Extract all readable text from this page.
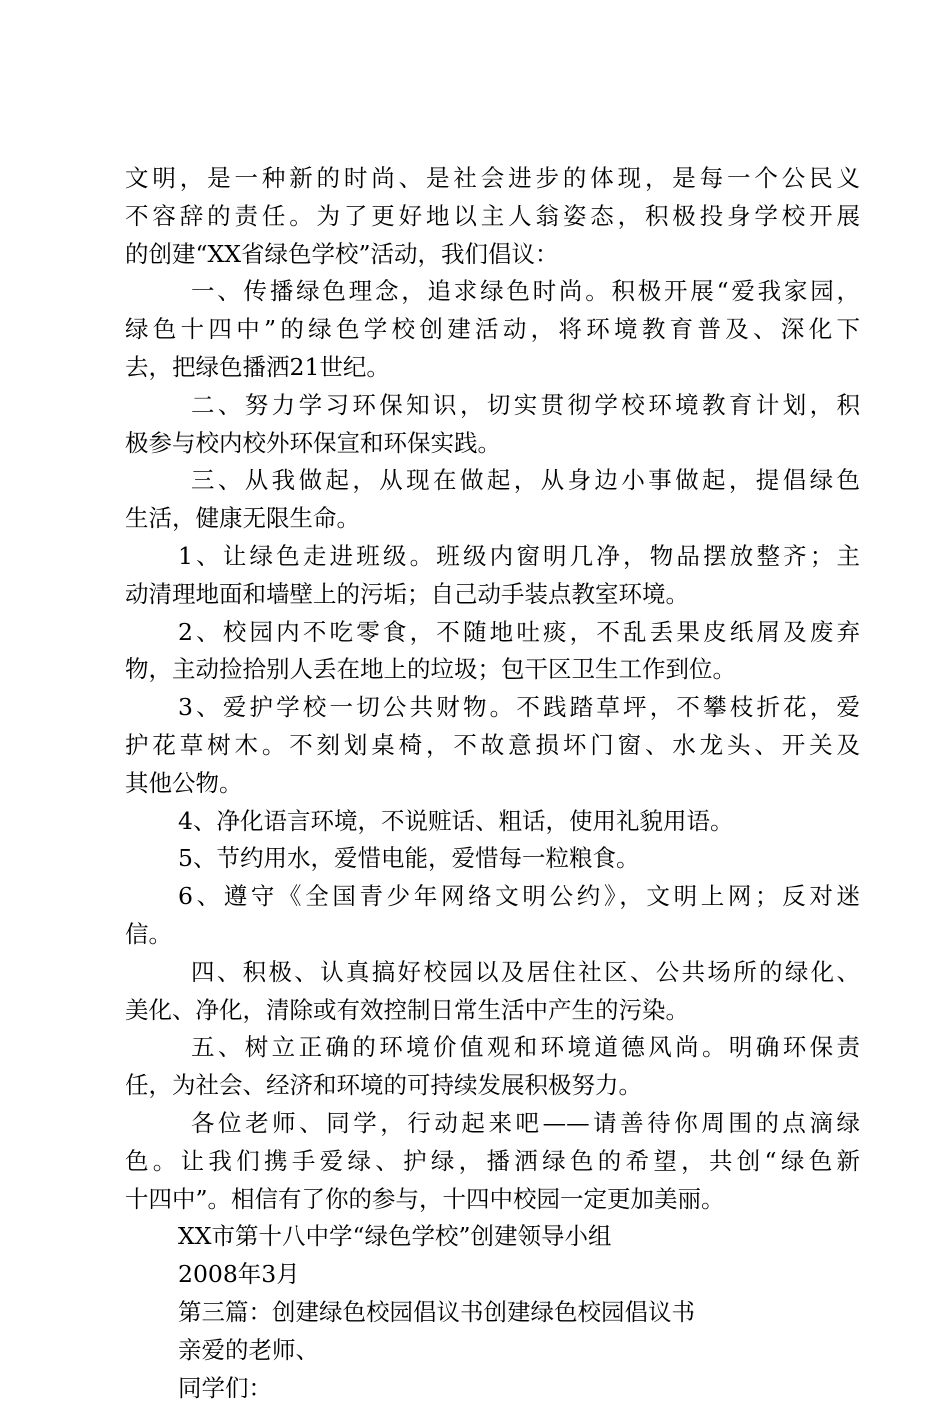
文明，是一种新的时尚、是社会进步的体现，是每一个公民义
不容辞的责任。为了更好地以主人翁姿态，积极投身学校开展
的创建“XX省绿色学校”活动，我们倡议：
一、传播绿色理念，追求绿色时尚。积极开展“爱我家园，
绿色十四中”的绿色学校创建活动，将环境教育普及、深化下
去，把绿色播洒21世纪。
二、努力学习环保知识，切实贯彻学校环境教育计划，积
极参与校内校外环保宣和环保实践。
三、从我做起，从现在做起，从身边小事做起，提倡绿色
生活，健康无限生命。
1、让绿色走进班级。班级内窗明几净，物品摆放整齐；主
动清理地面和墙壁上的污垢；自己动手装点教室环境。
2、校园内不吃零食，不随地吐痰，不乱丢果皮纸屑及废弃
物，主动捡拾别人丢在地上的垃圾；包干区卫生工作到位。
3、爱护学校一切公共财物。不践踏草坪，不攀枝折花，爱
护花草树木。不刻划桌椅，不故意损坏门窗、水龙头、开关及
其他公物。
4、净化语言环境，不说赃话、粗话，使用礼貌用语。
5、节约用水，爱惜电能，爱惜每一粒粮食。
6、遵守《全国青少年网络文明公约》，文明上网；反对迷
信。
四、积极、认真搞好校园以及居住社区、公共场所的绿化、
美化、净化，清除或有效控制日常生活中产生的污染。
五、树立正确的环境价值观和环境道德风尚。明确环保责
任，为社会、经济和环境的可持续发展积极努力。
各位老师、同学，行动起来吧——请善待你周围的点滴绿
色。让我们携手爱绿、护绿，播洒绿色的希望，共创“绿色新
十四中”。相信有了你的参与，十四中校园一定更加美丽。
XX市第十八中学“绿色学校”创建领导小组
2008年3月
第三篇：创建绿色校园倡议书创建绿色校园倡议书
亲爱的老师、
同学们：
